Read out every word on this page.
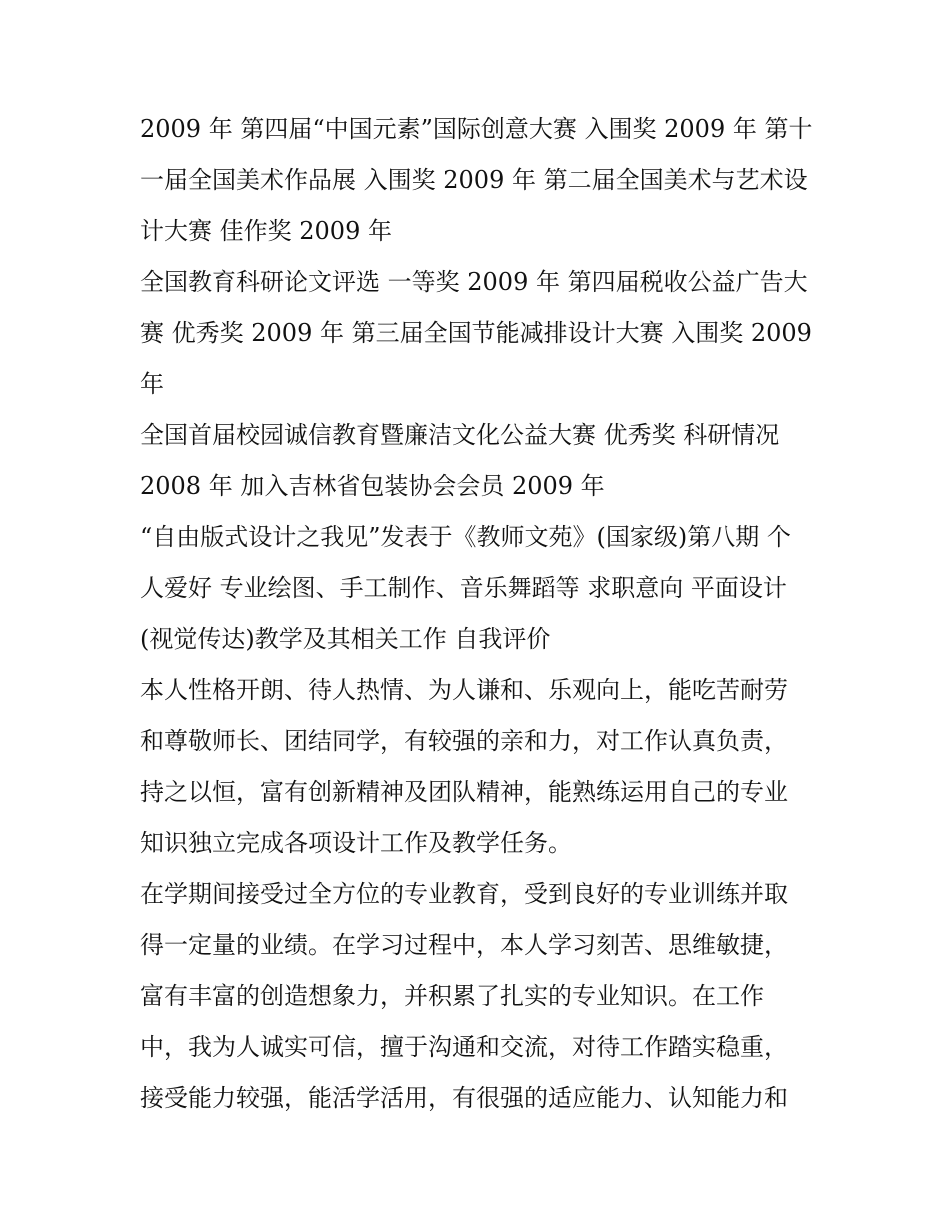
2009 年 第四届“中国元素”国际创意大赛 入围奖 2009 年 第十
一届全国美术作品展 入围奖 2009 年 第二届全国美术与艺术设
计大赛 佳作奖 2009 年
全国教育科研论文评选 一等奖 2009 年 第四届税收公益广告大
赛 优秀奖 2009 年 第三届全国节能减排设计大赛 入围奖 2009
年
全国首届校园诚信教育暨廉洁文化公益大赛 优秀奖 科研情况
2008 年 加入吉林省包装协会会员 2009 年
“自由版式设计之我见”发表于《教师文苑》(国家级)第八期 个
人爱好 专业绘图、手工制作、音乐舞蹈等 求职意向 平面设计
(视觉传达)教学及其相关工作 自我评价
本人性格开朗、待人热情、为人谦和、乐观向上，能吃苦耐劳
和尊敬师长、团结同学，有较强的亲和力，对工作认真负责，
持之以恒，富有创新精神及团队精神，能熟练运用自己的专业
知识独立完成各项设计工作及教学任务。
在学期间接受过全方位的专业教育，受到良好的专业训练并取
得一定量的业绩。在学习过程中，本人学习刻苦、思维敏捷，
富有丰富的创造想象力，并积累了扎实的专业知识。在工作
中，我为人诚实可信，擅于沟通和交流，对待工作踏实稳重，
接受能力较强，能活学活用，有很强的适应能力、认知能力和
